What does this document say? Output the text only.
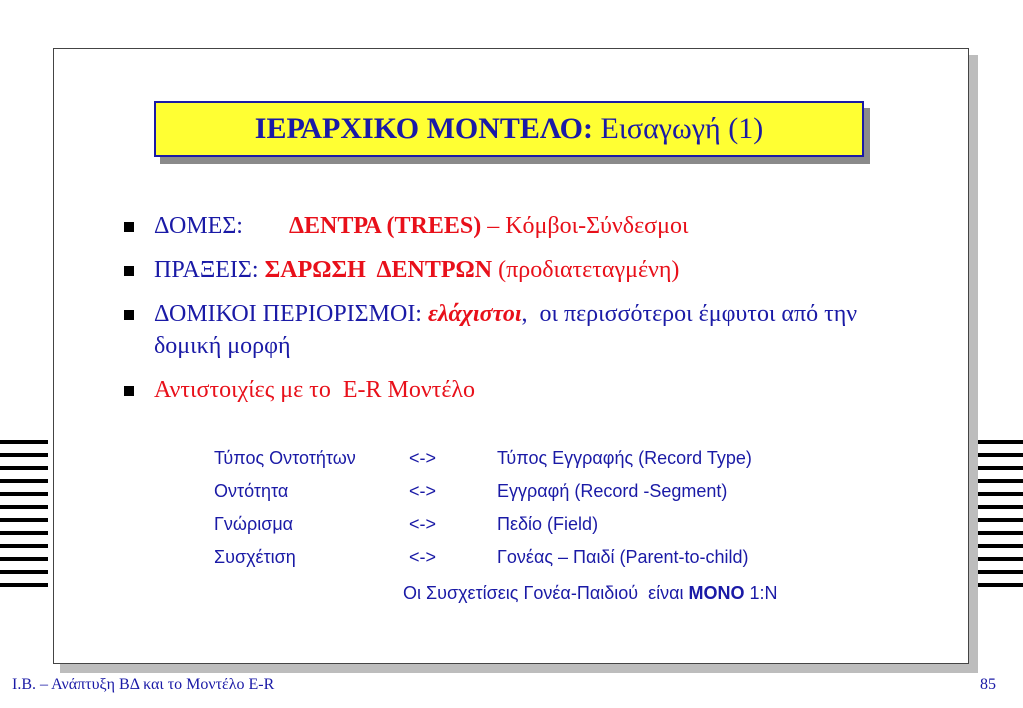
ΙΕΡΑΡΧΙΚΟ ΜΟΝΤΕΛΟ: Εισαγωγή (1)
ΔΟΜΕΣ: ΔΕΝΤΡΑ (TREES) – Κόμβοι-Σύνδεσμοι
ΠΡΑΞΕΙΣ: ΣΑΡΩΣΗ  ΔΕΝΤΡΩΝ (προδιατεταγμένη)
ΔΟΜΙΚΟΙ ΠΕΡΙΟΡΙΣΜΟΙ: ελάχιστοι,  οι περισσότεροι έμφυτοι από την δομική μορφή
Αντιστοιχίες με το  E-R Μοντέλο
Τύπος Οντοτήτων	<->	Τύπος Εγγραφής (Record Type)
Οντότητα	<->	Εγγραφή (Record -Segment)
Γνώρισμα	<->	Πεδίο (Field)
Συσχέτιση	<->	Γονέας – Παιδί (Parent-to-child)
Οι Συσχετίσεις Γονέα-Παιδιού  είναι ΜΟΝΟ 1:Ν
Ι.Β. – Ανάπτυξη ΒΔ και το Μοντέλο Ε-R	85
